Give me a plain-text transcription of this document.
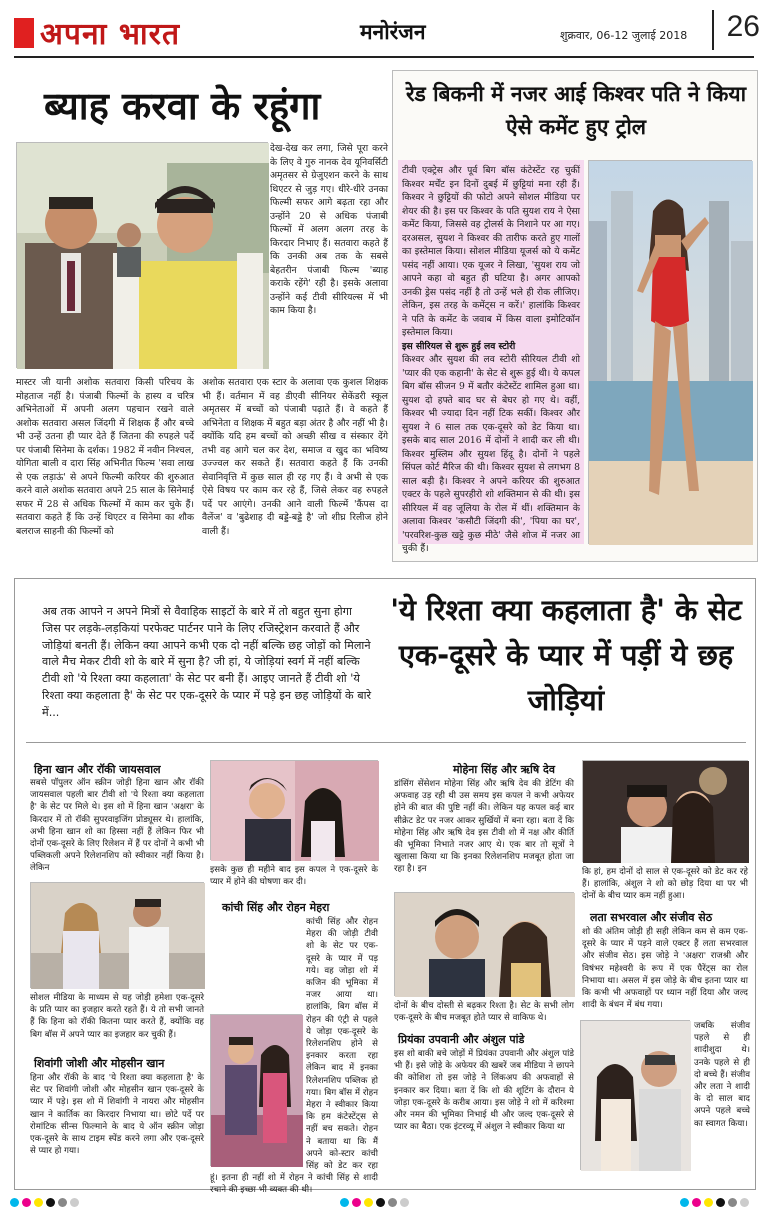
अपना भारत	मनोरंजन	शुक्रवार, 06-12 जुलाई 2018	26
ब्याह करवा के रहूंगा
देख-देख कर लगा, जिसे पूरा करने के लिए वे गुरु नानक देव यूनिवर्सिटी अमृतसर से ग्रेजुएशन करने के साथ थिएटर से जुड़ गए। धीरे-धीरे उनका फिल्मी सफर आगे बढ़ता रहा और उन्होंने 20 से अधिक पंजाबी फिल्मों में अलग अलग तरह के किरदार निभाए हैं। सतवारा कहते हैं कि उनकी अब तक के सबसे बेहतरीन पंजाबी फिल्म 'ब्याह कराके रहेंगे' रही है। इसके अलावा उन्होंने कई टीवी सीरियल्स में भी काम किया है।
मास्टर जी यानी अशोक सतवारा किसी परिचय के मोहताज नहीं है। पंजाबी फिल्मों के हास्य व चरित्र अभिनेताओं में अपनी अलग पहचान रखने वाले अशोक सतवारा असल जिंदगी में शिक्षक हैं और बच्चे भी उन्हें उतना ही प्यार देते हैं जितना की रुपहले पर्दे पर पंजाबी सिनेमा के दर्शक। 1982 में नवीन निश्चल, योगिता बाली व दारा सिंह अभिनीत फिल्म 'सवा लाख से एक लड़ाऊं' से अपने फिल्मी करियर की शुरुआत करने वाले अशोक सतवारा अपने 25 साल के सिनेमाई सफर में 28 से अधिक फिल्मों में काम कर चुके हैं। सतवारा कहते हैं कि उन्हें थिएटर व सिनेमा का शौक बलराज साहनी की फिल्मों को
अशोक सतवारा एक स्टार के अलावा एक कुशल शिक्षक भी हैं। वर्तमान में वह डीएवी सीनियर सेकेंडरी स्कूल अमृतसर में बच्चों को पंजाबी पढ़ाते हैं। वे कहते हैं अभिनेता व शिक्षक में बहुत बड़ा अंतर है और नहीं भी है। क्योंकि यदि हम बच्चों को अच्छी सीख व संस्कार देंगे तभी वह आगे चल कर देश, समाज व खुद का भविष्य उज्ज्वल कर सकते हैं। सतवारा कहते हैं कि उनकी सेवानिवृत्ति में कुछ साल ही रह गए हैं। वे अभी से एक ऐसे विषय पर काम कर रहे हैं, जिसे लेकर वह रुपहले पर्दे पर आएंगे। उनकी आने वाली फिल्में 'कैंपस दा वैलेंज' व 'बुढेशाह दी बड्डे-बड्डे है' जो शीघ्र रिलीज होने वाली हैं।
रेड बिकनी में नजर आई किश्वर पति ने किया ऐसे कमेंट हुए ट्रोल
टीवी एक्ट्रेस और पूर्व बिग बॉस कंटेस्टेंट रह चुकीं किश्वर मर्चेंट इन दिनों दुबई में छुट्टियां मना रही हैं। किश्वर ने छुट्टियों की फोटो अपने सोशल मीडिया पर शेयर की है। इस पर किश्वर के पति सुयश राय ने ऐसा कमेंट किया, जिससे वह ट्रोलर्स के निशाने पर आ गए। दरअसल, सुयश ने किश्वर की तारीफ करते हुए गालों का इस्तेमाल किया। सोशल मीडिया यूजर्स को ये कमेंट पसंद नहीं आया। एक यूजर ने लिखा, 'सुयश राय जो आपने कहा वो बहुत ही घटिया है। अगर आपको उनकी ड्रेस पसंद नहीं है तो उन्हें भले ही रोक लीजिए। लेकिन, इस तरह के कमेंट्स न करें।' हालांकि किश्वर ने पति के कमेंट के जवाब में किस वाला इमोटिकॉन इस्तेमाल किया।
इस सीरियल से शुरू हुई लव स्टोरी
किश्वर और सुयश की लव स्टोरी सीरियल टीवी शो 'प्यार की एक कहानी' के सेट से शुरू हुई थी। ये कपल बिग बॉस सीजन 9 में बतौर कंटेस्टेंट शामिल हुआ था। सुयश दो हफ्ते बाद घर से बेघर हो गए थे। वहीं, किश्वर भी ज्यादा दिन नहीं टिक सकीं। किश्वर और सुयश ने 6 साल तक एक-दूसरे को डेट किया था। इसके बाद साल 2016 में दोनों ने शादी कर ली थी। किश्वर मुस्लिम और सुयश हिंदू है। दोनों ने पहले सिंपल कोर्ट मैरिज की थी। किश्वर सुयश से लगभग 8 साल बड़ी है। किश्वर ने अपने करियर की शुरुआत एक्टर के पहले सुपरहीरो शो शक्तिमान से की थी। इस सीरियल में वह जूलिया के रोल में थीं। शक्तिमान के अलावा किश्वर 'कसौटी जिंदगी की', 'पिया का घर', 'परवरिश-कुछ खट्टे कुछ मीठे' जैसे शोज में नजर आ चुकी हैं।
अब तक आपने न अपने मित्रों से वैवाहिक साइटों के बारे में तो बहुत सुना होगा जिस पर लड़के-लड़कियां परफेक्ट पार्टनर पाने के लिए रजिस्ट्रेशन करवाते हैं और जोड़ियां बनती हैं। लेकिन क्या आपने कभी एक दो नहीं बल्कि छह जोड़ों को मिलाने वाले मैच मेकर टीवी शो के बारे में सुना है? जी हां, ये जोड़ियां स्वर्ग में नहीं बल्कि टीवी शो 'ये रिश्ता क्या कहलाता' के सेट पर बनी हैं। आइए जानते हैं टीवी शो 'ये रिश्ता क्या कहलाता है' के सेट पर एक-दूसरे के प्यार में पड़े इन छह जोड़ियों के बारे में...
'ये रिश्ता क्या कहलाता है' के सेट एक-दूसरे के प्यार में पड़ीं ये छह जोड़ियां
हिना खान और रॉकी जायसवाल
सबसे पॉपुलर ऑन स्क्रीन जोड़ी हिना खान और रॉकी जायसवाल पहली बार टीवी शो 'ये रिश्ता क्या कहलाता है' के सेट पर मिले थे। इस शो में हिना खान 'अक्षरा' के किरदार में तो रॉकी सुपरवाइजिंग प्रोड्यूसर थे। हालांकि, अभी हिना खान शो का हिस्सा नहीं हैं लेकिन फिर भी दोनों एक-दूसरे के लिए रिलेशन में हैं पर दोनों ने कभी भी पब्लिकली अपने रिलेशनशिप को स्वीकार नहीं किया है। लेकिन
सोशल मीडिया के माध्यम से यह जोड़ी हमेशा एक-दूसरे के प्रति प्यार का इजहार करते रहते हैं। ये तो सभी जानते हैं कि हिना को रॉकी कितना प्यार करते हैं, क्योंकि वह बिग बॉस में अपने प्यार का इजहार कर चुकी हैं।
शिवांगी जोशी और मोहसीन खान
हिना और रॉकी के बाद 'ये रिश्ता क्या कहलाता है' के सेट पर शिवांगी जोशी और मोहसीन खान एक-दूसरे के प्यार में पड़े। इस शो में शिवांगी ने नायरा और मोहसीन खान ने कार्तिक का किरदार निभाया था। छोटे पर्दे पर रोमांटिक सीन्स फिल्माने के बाद ये ऑन स्क्रीन जोड़ा एक-दूसरे के साथ टाइम स्पेंड करने लगा और एक-दूसरे से प्यार हो गया।
इसके कुछ ही महीने बाद इस कपल ने एक-दूसरे के प्यार में होने की घोषणा कर दी।
कांची सिंह और रोहन मेहरा
कांची सिंह और रोहन मेहरा की जोड़ी टीवी शो के सेट पर एक-दूसरे के प्यार में पड़ गये। वह जोड़ा शो में कजिन की भूमिका में नजर आया था। हालांकि, बिग बॉस में रोहन की एंट्री से पहले ये जोड़ा एक-दूसरे के रिलेशनशिप होने से इनकार करता रहा लेकिन बाद में इनका रिलेशनशिप पब्लिक हो गया। बिग बॉस में रोहन मेहरा ने स्वीकार किया कि हम कंटेस्टेंट्स से नहीं बच सकते। रोहन ने बताया था कि मैं अपने को-स्टार कांची सिंह को डेट कर रहा हूं। इतना ही नहीं शो में रोहन ने कांची सिंह से शादी रचाने की इच्छा भी व्यक्त की थी।
मोहेना सिंह और ऋषि देव
डांसिंग सेंसेशन मोहेना सिंह और ऋषि देव की डेटिंग की अफवाह उड़ रही थी उस समय इस कपल ने कभी अफेयर होने की बात की पुष्टि नहीं की। लेकिन यह कपल कई बार सीक्रेट डेट पर नजर आकर सुर्खियों में बना रहा। बता दें कि मोहेना सिंह और ऋषि देव इस टीवी शो में नक्ष और कीर्ति की भूमिका निभाते नजर आए थे। एक बार तो सूत्रों ने खुलासा किया था कि इनका रिलेशनशिप मजबूत होता जा रहा है। इन
दोनों के बीच दोस्ती से बढ़कर रिश्ता है। सेट के सभी लोग एक-दूसरे के बीच मजबूत होते प्यार से वाकिफ थे।
प्रियंका उपवानी और अंशुल पांडे
इस शो बाकी बचे जोड़ों में प्रियंका उपवानी और अंशुल पांडे भी हैं। इसे जोड़े के अफेयर की खबरें जब मीडिया ने छापने की कोशिश तो इस जोड़े ने लिंकअप की अफवाहों से इनकार कर दिया। बता दें कि शो की शूटिंग के दौरान ये जोड़ा एक-दूसरे के करीब आया। इस जोड़े ने शो में करिश्मा और नमन की भूमिका निभाई थी और जल्द एक-दूसरे से प्यार का बैठा। एक इंटरव्यू में अंशुल ने स्वीकार किया था
कि हां, हम दोनों दो साल से एक-दूसरे को डेट कर रहे हैं। हालांकि, अंशुल ने शो को छोड़ दिया था पर भी दोनों के बीच प्यार कम नहीं हुआ।
लता सभरवाल और संजीव सेठ
शो की अंतिम जोड़ी ही सही लेकिन कम से कम एक-दूसरे के प्यार में पड़ने वाले एक्टर हैं लता सभरवाल और संजीव सेठ। इस जोड़े ने 'अक्षरा' राजश्री और विषंभर महेश्वरी के रूप में एक पैरेंट्स का रोल निभाया था। असल में इस जोड़े के बीच इतना प्यार था कि कभी भी अफवाहों पर ध्यान नहीं दिया और जल्द शादी के बंधन में बंध गया।
जबकि संजीव पहले से ही शादीशुदा थे। उनके पहले से ही दो बच्चे हैं। संजीव और लता ने शादी के दो साल बाद अपने पहले बच्चे का स्वागत किया।
